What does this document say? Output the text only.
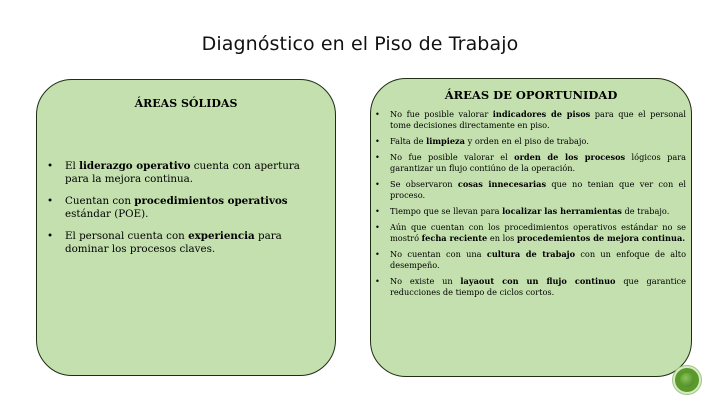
Diagnóstico en el Piso de Trabajo
ÁREAS SÓLIDAS
• El liderazgo operativo cuenta con apertura para la mejora continua.
• Cuentan con procedimientos operativos estándar (POE).
• El personal cuenta con experiencia para dominar los procesos claves.
ÁREAS DE OPORTUNIDAD
• No fue posible valorar indicadores de pisos para que el personal tome decisiones directamente en piso.
• Falta de limpieza y orden en el piso de trabajo.
• No fue posible valorar el orden de los procesos lógicos para garantizar un flujo contiúno de la operación.
• Se observaron cosas innecesarias que no tenian que ver con el proceso.
• Tiempo que se llevan para localizar las herramientas de trabajo.
• Aún que cuentan con los procedimientos operativos estándar no se mostró fecha reciente en los procedemientos de mejora continua.
• No cuentan con una cultura de trabajo con un enfoque de alto desempeño.
• No existe un layaout con un flujo continuo que garantice reducciones de tiempo de ciclos cortos.
